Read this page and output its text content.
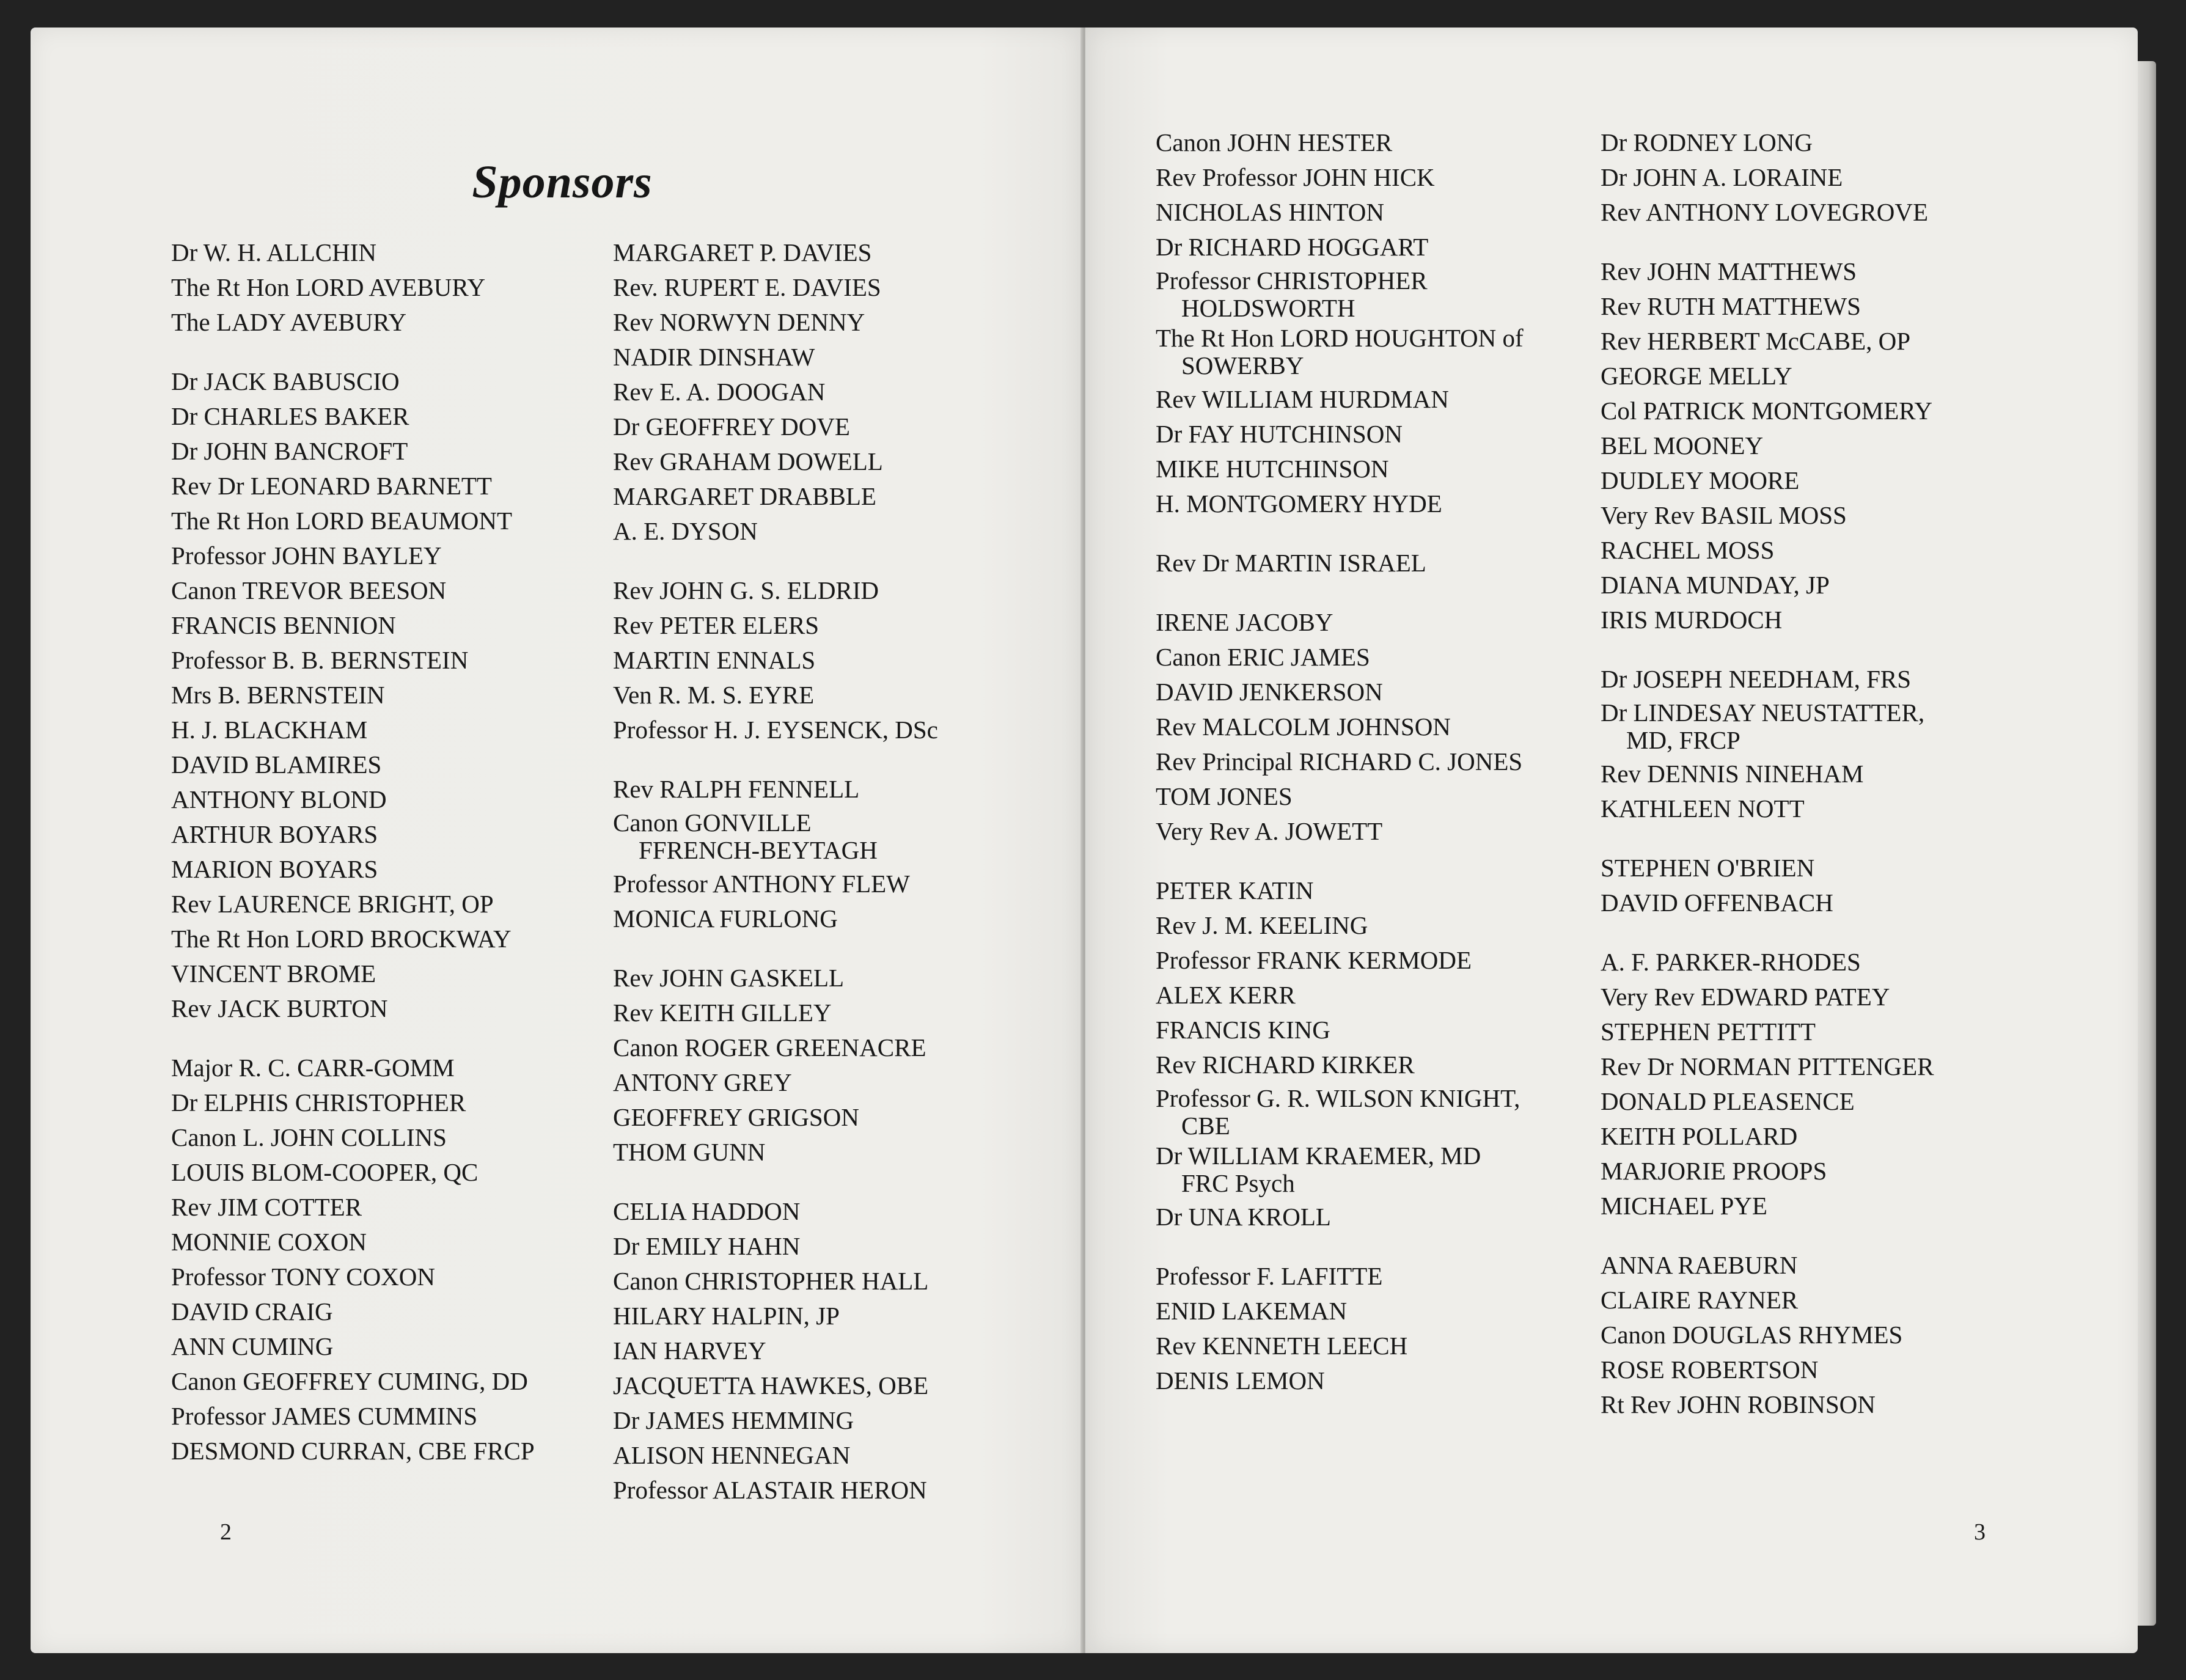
Sponsors
Dr W. H. ALLCHIN
The Rt Hon LORD AVEBURY
The LADY AVEBURY
Dr JACK BABUSCIO
Dr CHARLES BAKER
Dr JOHN BANCROFT
Rev Dr LEONARD BARNETT
The Rt Hon LORD BEAUMONT
Professor JOHN BAYLEY
Canon TREVOR BEESON
FRANCIS BENNION
Professor B. B. BERNSTEIN
Mrs B. BERNSTEIN
H. J. BLACKHAM
DAVID BLAMIRES
ANTHONY BLOND
ARTHUR BOYARS
MARION BOYARS
Rev LAURENCE BRIGHT, OP
The Rt Hon LORD BROCKWAY
VINCENT BROME
Rev JACK BURTON
Major R. C. CARR-GOMM
Dr ELPHIS CHRISTOPHER
Canon L. JOHN COLLINS
LOUIS BLOM-COOPER, QC
Rev JIM COTTER
MONNIE COXON
Professor TONY COXON
DAVID CRAIG
ANN CUMING
Canon GEOFFREY CUMING, DD
Professor JAMES CUMMINS
DESMOND CURRAN, CBE FRCP
MARGARET P. DAVIES
Rev. RUPERT E. DAVIES
Rev NORWYN DENNY
NADIR DINSHAW
Rev E. A. DOOGAN
Dr GEOFFREY DOVE
Rev GRAHAM DOWELL
MARGARET DRABBLE
A. E. DYSON
Rev JOHN G. S. ELDRID
Rev PETER ELERS
MARTIN ENNALS
Ven R. M. S. EYRE
Professor H. J. EYSENCK, DSc
Rev RALPH FENNELL
Canon GONVILLE
FFRENCH-BEYTAGH
Professor ANTHONY FLEW
MONICA FURLONG
Rev JOHN GASKELL
Rev KEITH GILLEY
Canon ROGER GREENACRE
ANTONY GREY
GEOFFREY GRIGSON
THOM GUNN
CELIA HADDON
Dr EMILY HAHN
Canon CHRISTOPHER HALL
HILARY HALPIN, JP
IAN HARVEY
JACQUETTA HAWKES, OBE
Dr JAMES HEMMING
ALISON HENNEGAN
Professor ALASTAIR HERON
2
Canon JOHN HESTER
Rev Professor JOHN HICK
NICHOLAS HINTON
Dr RICHARD HOGGART
Professor CHRISTOPHER
HOLDSWORTH
The Rt Hon LORD HOUGHTON of
SOWERBY
Rev WILLIAM HURDMAN
Dr FAY HUTCHINSON
MIKE HUTCHINSON
H. MONTGOMERY HYDE
Rev Dr MARTIN ISRAEL
IRENE JACOBY
Canon ERIC JAMES
DAVID JENKERSON
Rev MALCOLM JOHNSON
Rev Principal RICHARD C. JONES
TOM JONES
Very Rev A. JOWETT
PETER KATIN
Rev J. M. KEELING
Professor FRANK KERMODE
ALEX KERR
FRANCIS KING
Rev RICHARD KIRKER
Professor G. R. WILSON KNIGHT,
CBE
Dr WILLIAM KRAEMER, MD
FRC Psych
Dr UNA KROLL
Professor F. LAFITTE
ENID LAKEMAN
Rev KENNETH LEECH
DENIS LEMON
Dr RODNEY LONG
Dr JOHN A. LORAINE
Rev ANTHONY LOVEGROVE
Rev JOHN MATTHEWS
Rev RUTH MATTHEWS
Rev HERBERT McCABE, OP
GEORGE MELLY
Col PATRICK MONTGOMERY
BEL MOONEY
DUDLEY MOORE
Very Rev BASIL MOSS
RACHEL MOSS
DIANA MUNDAY, JP
IRIS MURDOCH
Dr JOSEPH NEEDHAM, FRS
Dr LINDESAY NEUSTATTER,
MD, FRCP
Rev DENNIS NINEHAM
KATHLEEN NOTT
STEPHEN O'BRIEN
DAVID OFFENBACH
A. F. PARKER-RHODES
Very Rev EDWARD PATEY
STEPHEN PETTITT
Rev Dr NORMAN PITTENGER
DONALD PLEASENCE
KEITH POLLARD
MARJORIE PROOPS
MICHAEL PYE
ANNA RAEBURN
CLAIRE RAYNER
Canon DOUGLAS RHYMES
ROSE ROBERTSON
Rt Rev JOHN ROBINSON
3
